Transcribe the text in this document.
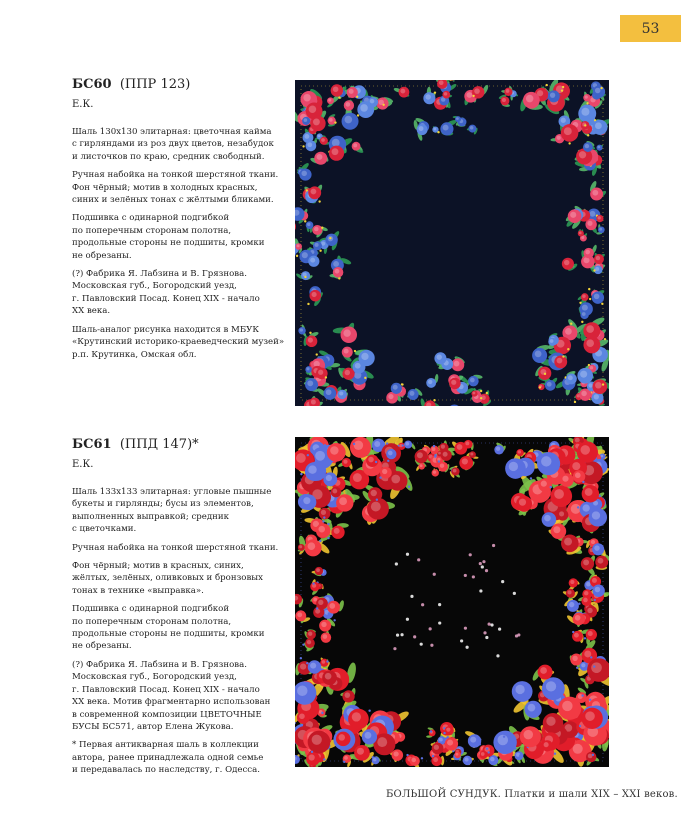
53

БС60 (ППР 123)

Е.К.

Шаль 130х130 элитарная: цветочная кайма
с гирляндами из роз двух цветов, незабудок
и листочков по краю, средник свободный.

Ручная набойка на тонкой шерстяной ткани.
Фон чёрный; мотив в холодных красных,
синих и зелёных тонах с жёлтыми бликами.

Подшивка с одинарной подгибкой
по поперечным сторонам полотна,
продольные стороны не подшиты, кромки
не обрезаны.

(?) Фабрика Я. Лабзина и В. Грязнова.
Московская губ., Богородский уезд,
г. Павловский Посад. Конец XIX - начало
XX века.

Шаль-аналог рисунка находится в МБУК
«Крутинский историко-краеведческий музей»
р.п. Крутинка, Омская обл.

БС61 (ППД 147)*

Е.К.

Шаль 133х133 элитарная: угловые пышные
букеты и гирлянды; бусы из элементов,
выполненных выправкой; средник
с цветочками.

Ручная набойка на тонкой шерстяной ткани.

Фон чёрный; мотив в красных, синих,
жёлтых, зелёных, оливковых и бронзовых
тонах в технике «выправка».

Подшивка с одинарной подгибкой
по поперечным сторонам полотна,
продольные стороны не подшиты, кромки
не обрезаны.

(?) Фабрика Я. Лабзина и В. Грязнова.
Московская губ., Богородский уезд,
г. Павловский Посад. Конец XIX - начало
XX века. Мотив фрагментарно использован
в современной композиции ЦВЕТОЧНЫЕ
БУСЫ БС571, автор Елена Жукова.

* Первая антикварная шаль в коллекции
автора, ранее принадлежала одной семье
и передавалась по наследству, г. Одесса.

БОЛЬШОЙ СУНДУК. Платки и шали XIX – XXI веков.
